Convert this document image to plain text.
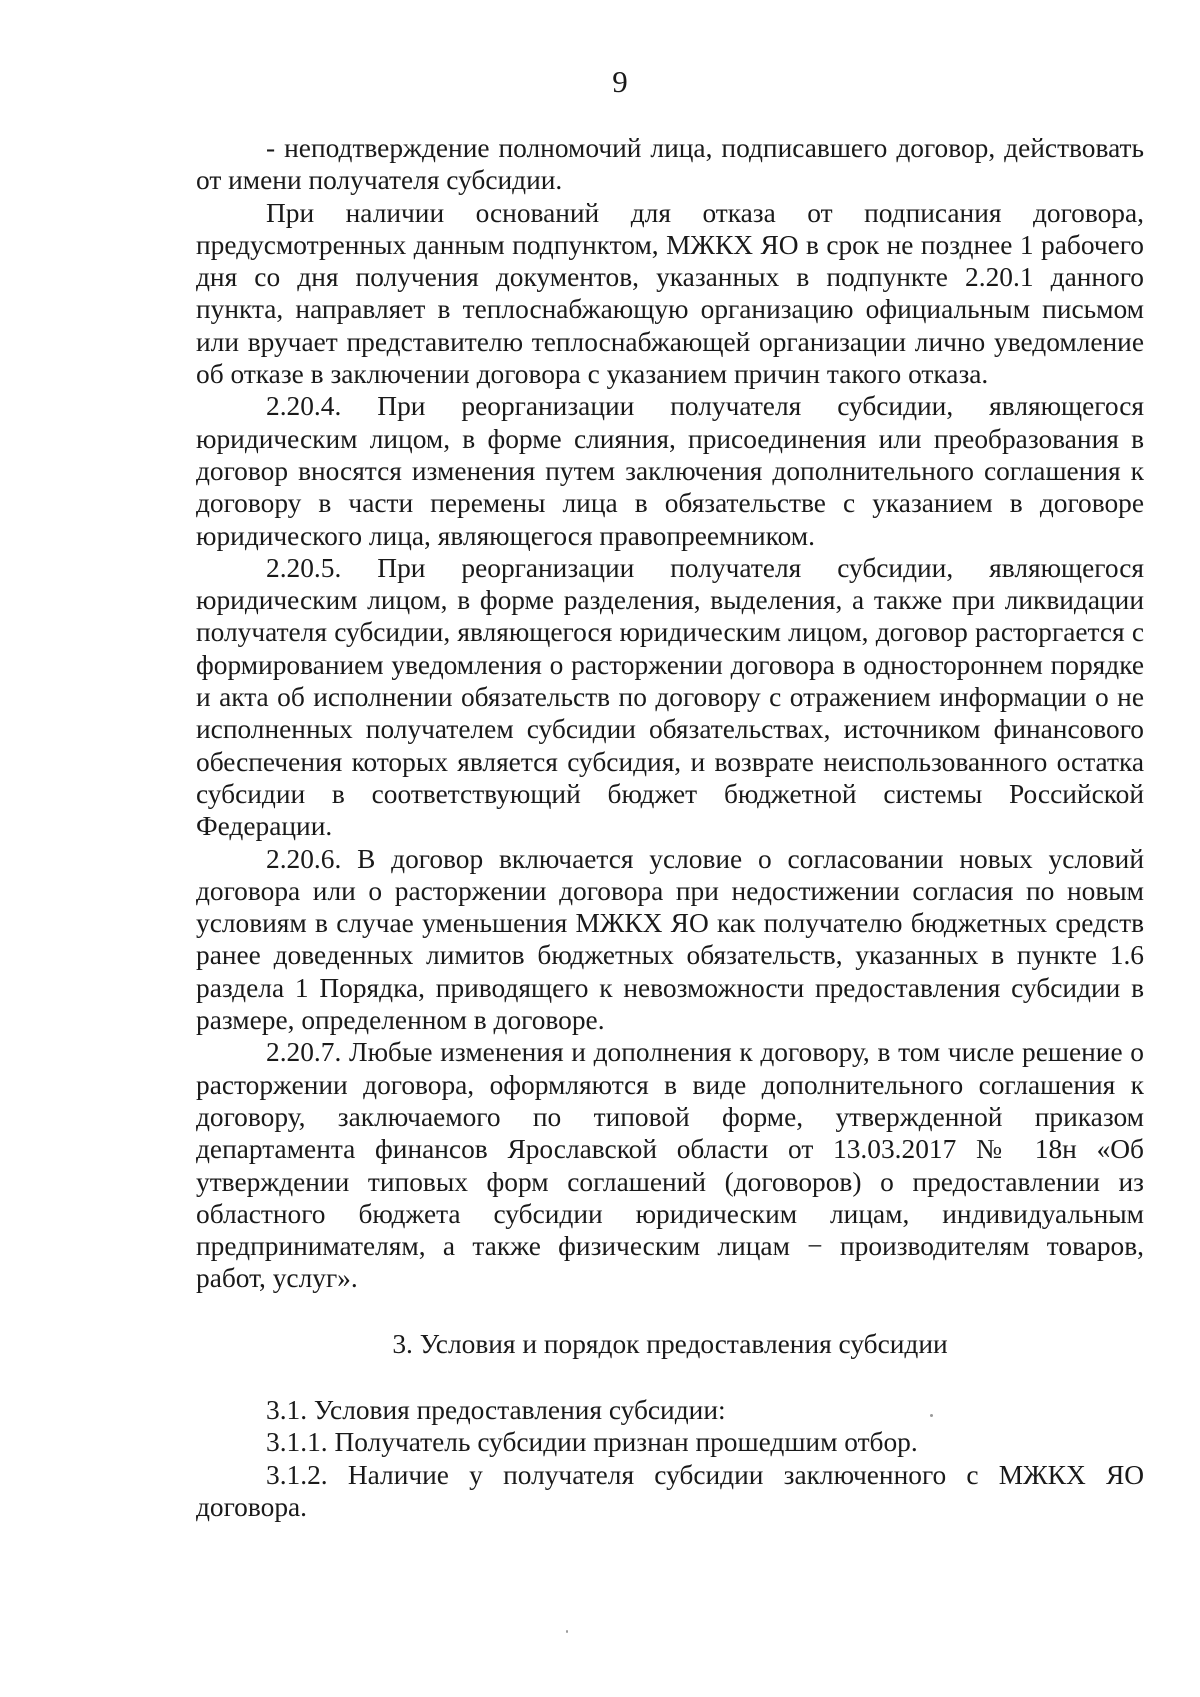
9

- неподтверждение полномочий лица, подписавшего договор, действовать от имени получателя субсидии.

При наличии оснований для отказа от подписания договора, предусмотренных данным подпунктом, МЖКХ ЯО в срок не позднее 1 рабочего дня со дня получения документов, указанных в подпункте 2.20.1 данного пункта, направляет в теплоснабжающую организацию официальным письмом или вручает представителю теплоснабжающей организации лично уведомление об отказе в заключении договора с указанием причин такого отказа.

2.20.4. При реорганизации получателя субсидии, являющегося юридическим лицом, в форме слияния, присоединения или преобразования в договор вносятся изменения путем заключения дополнительного соглашения к договору в части перемены лица в обязательстве с указанием в договоре юридического лица, являющегося правопреемником.

2.20.5. При реорганизации получателя субсидии, являющегося юридическим лицом, в форме разделения, выделения, а также при ликвидации получателя субсидии, являющегося юридическим лицом, договор расторгается с формированием уведомления о расторжении договора в одностороннем порядке и акта об исполнении обязательств по договору с отражением информации о не исполненных получателем субсидии обязательствах, источником финансового обеспечения которых является субсидия, и возврате неиспользованного остатка субсидии в соответствующий бюджет бюджетной системы Российской Федерации.

2.20.6. В договор включается условие о согласовании новых условий договора или о расторжении договора при недостижении согласия по новым условиям в случае уменьшения МЖКХ ЯО как получателю бюджетных средств ранее доведенных лимитов бюджетных обязательств, указанных в пункте 1.6 раздела 1 Порядка, приводящего к невозможности предоставления субсидии в размере, определенном в договоре.

2.20.7. Любые изменения и дополнения к договору, в том числе решение о расторжении договора, оформляются в виде дополнительного соглашения к договору, заключаемого по типовой форме, утвержденной приказом департамента финансов Ярославской области от 13.03.2017 № 18н «Об утверждении типовых форм соглашений (договоров) о предоставлении из областного бюджета субсидии юридическим лицам, индивидуальным предпринимателям, а также физическим лицам − производителям товаров, работ, услуг».

3. Условия и порядок предоставления субсидии

3.1. Условия предоставления субсидии:

3.1.1. Получатель субсидии признан прошедшим отбор.

3.1.2. Наличие у получателя субсидии заключенного с МЖКХ ЯО договора.
